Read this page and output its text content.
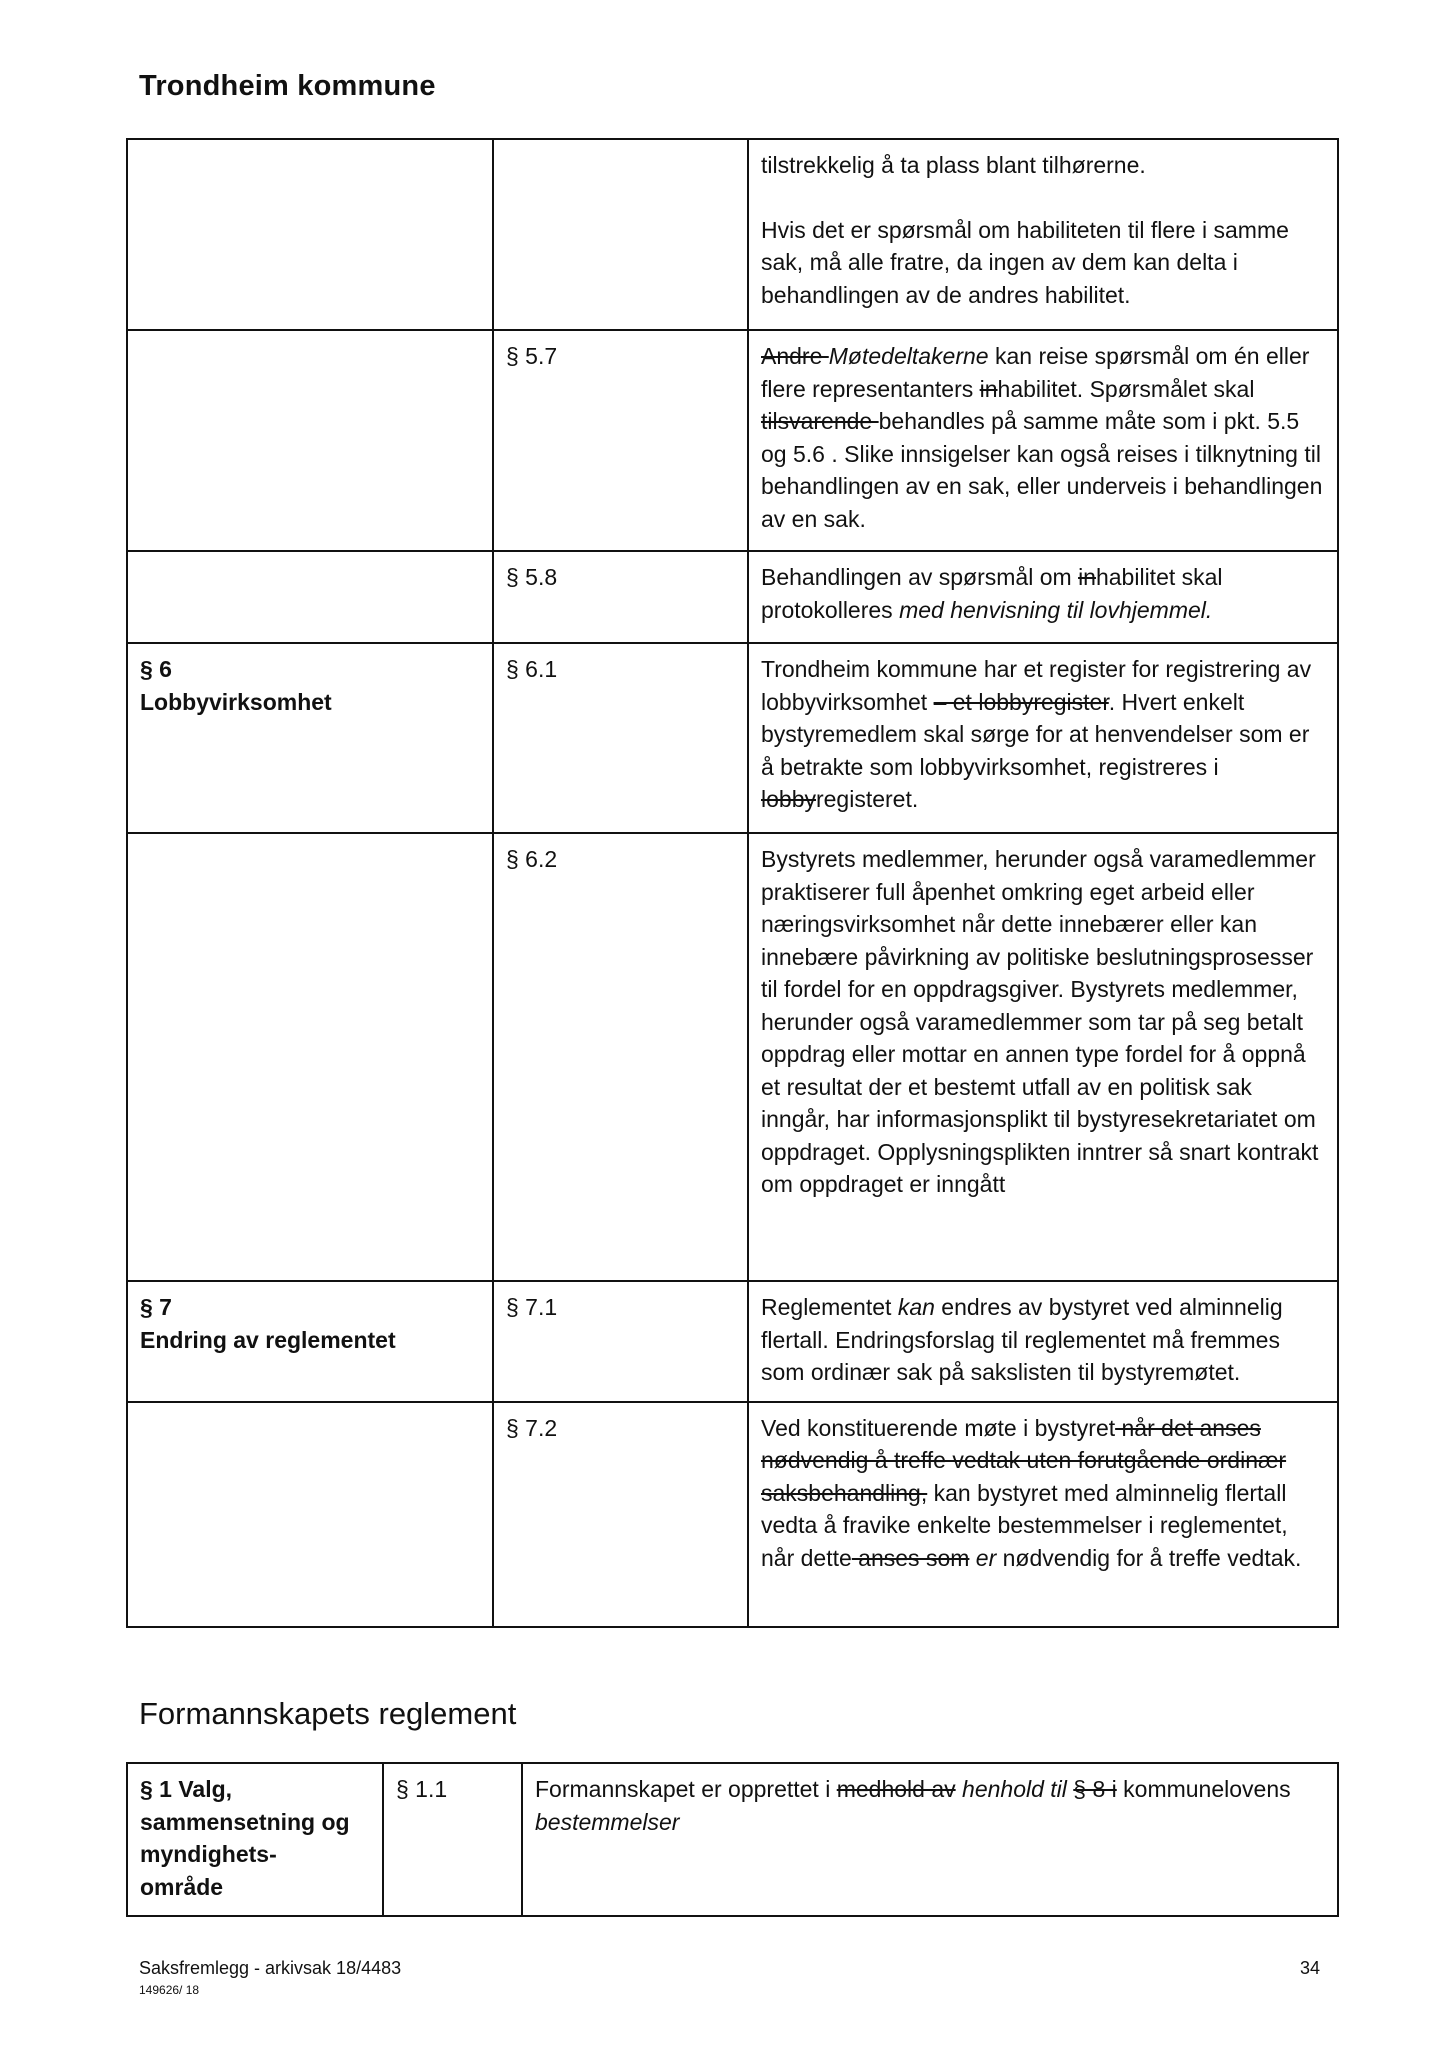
Trondheim kommune

		tilstrekkelig å ta plass blant tilhørerne.
Hvis det er spørsmål om habiliteten til flere i samme sak, må alle fratre, da ingen av dem kan delta i behandlingen av de andres habilitet.

	§ 5.7	Andre Møtedeltakerne kan reise spørsmål om én eller flere representanters inhabilitet. Spørsmålet skal tilsvarende behandles på samme måte som i pkt. 5.5 og 5.6 . Slike innsigelser kan også reises i tilknytning til behandlingen av en sak, eller underveis i behandlingen av en sak.
	§ 5.8	Behandlingen av spørsmål om inhabilitet skal protokolleres med henvisning til lovhjemmel.

§ 6
Lobbyvirksomhet	§ 6.1	Trondheim kommune har et register for registrering av lobbyvirksomhet – et lobbyregister. Hvert enkelt bystyremedlem skal sørge for at henvendelser som er å betrakte som lobbyvirksomhet, registreres i lobbyregisteret.
	§ 6.2	Bystyrets medlemmer, herunder også varamedlemmer praktiserer full åpenhet omkring eget arbeid eller næringsvirksomhet når dette innebærer eller kan innebære påvirkning av politiske beslutningsprosesser til fordel for en oppdragsgiver. Bystyrets medlemmer, herunder også varamedlemmer som tar på seg betalt oppdrag eller mottar en annen type fordel for å oppnå et resultat der et bestemt utfall av en politisk sak inngår, har informasjonsplikt til bystyresekretariatet om oppdraget. Opplysningsplikten inntrer så snart kontrakt om oppdraget er inngått

§ 7
Endring av reglementet	§ 7.1	Reglementet kan endres av bystyret ved alminnelig flertall. Endringsforslag til reglementet må fremmes som ordinær sak på sakslisten til bystyremøtet.
	§ 7.2	Ved konstituerende møte i bystyret når det anses nødvendig å treffe vedtak uten forutgående ordinær saksbehandling, kan bystyret med alminnelig flertall vedta å fravike enkelte bestemmelser i reglementet, når dette anses som er nødvendig for å treffe vedtak.
Formannskapets reglement
§ 1 Valg, sammensetning og myndighets-område	§ 1.1	Formannskapet er opprettet i medhold av henhold til § 8 i kommunelovens bestemmelser
Saksfremlegg - arkivsak 18/4483
149626/ 18
34
